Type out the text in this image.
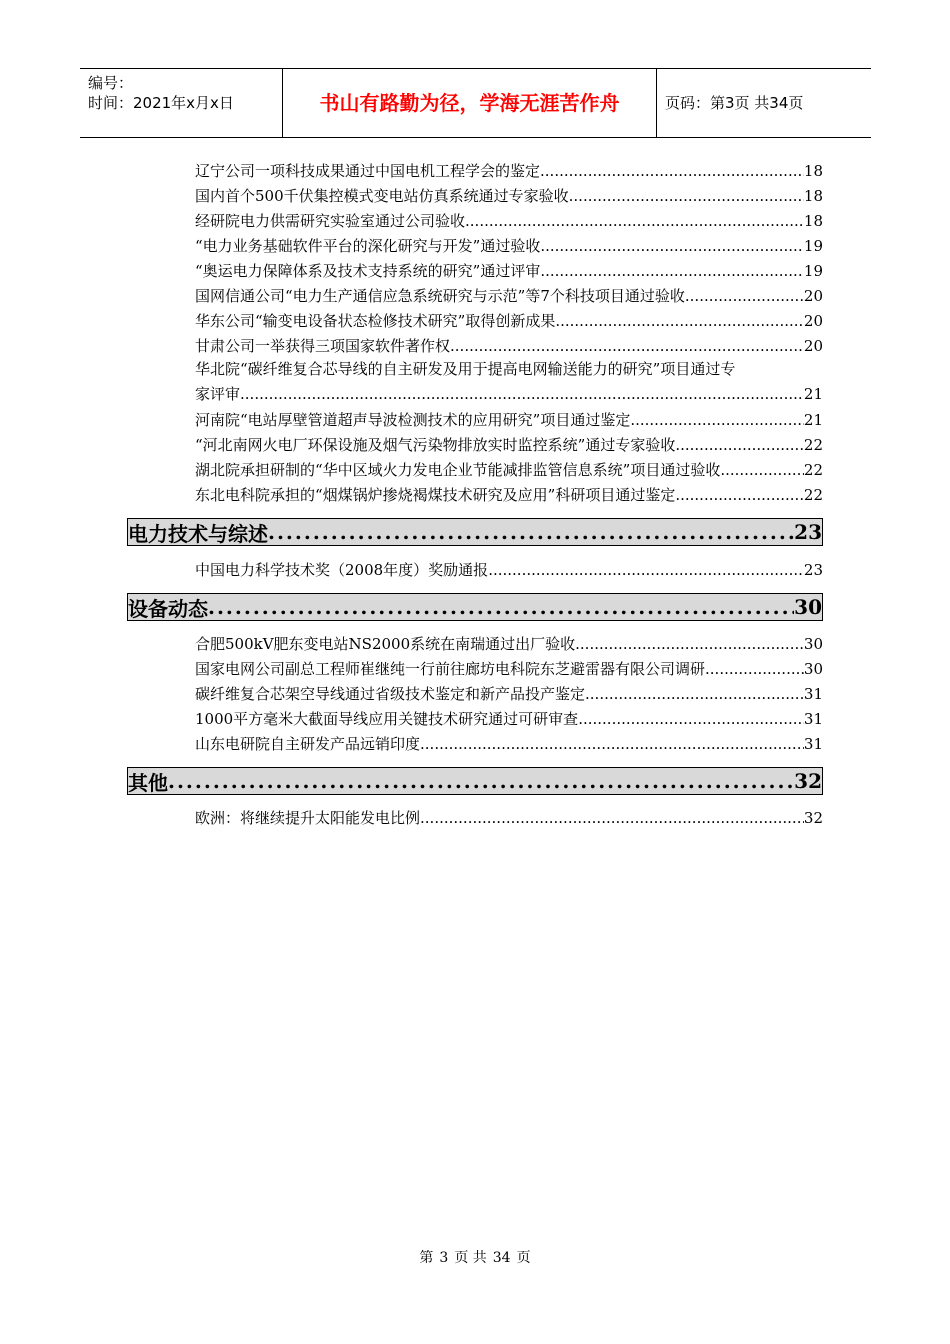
编号：
时间：2021年x月x日	书山有路勤为径，学海无涯苦作舟	页码：第3页 共34页
辽宁公司一项科技成果通过中国电机工程学会的鉴定 .....	18
国内首个500千伏集控模式变电站仿真系统通过专家验收 .....	18
经研院电力供需研究实验室通过公司验收 .....	18
“电力业务基础软件平台的深化研究与开发”通过验收 .....	19
“奥运电力保障体系及技术支持系统的研究”通过评审 .....	19
国网信通公司“电力生产通信应急系统研究与示范”等7个科技项目通过验收 .....	20
华东公司“输变电设备状态检修技术研究”取得创新成果 .....	20
甘肃公司一举获得三项国家软件著作权 .....	20
华北院“碳纤维复合芯导线的自主研发及用于提高电网输送能力的研究”项目通过专
家评审 .....	21
河南院“电站厚壁管道超声导波检测技术的应用研究”项目通过鉴定 .....	21
“河北南网火电厂环保设施及烟气污染物排放实时监控系统”通过专家验收 .....	22
湖北院承担研制的“华中区域火力发电企业节能减排监管信息系统”项目通过验收 .....	22
东北电科院承担的“烟煤锅炉掺烧褐煤技术研究及应用”科研项目通过鉴定 .....	22
电力技术与综述 .....	23
中国电力科学技术奖（2008年度）奖励通报 .....	23
设备动态 .....	30
合肥500kV肥东变电站NS2000系统在南瑞通过出厂验收 .....	30
国家电网公司副总工程师崔继纯一行前往廊坊电科院东芝避雷器有限公司调研 .....	30
碳纤维复合芯架空导线通过省级技术鉴定和新产品投产鉴定 .....	31
1000平方毫米大截面导线应用关键技术研究通过可研审查 .....	31
山东电研院自主研发产品远销印度 .....	31
其他 .....	32
欧洲：将继续提升太阳能发电比例 .....	32
第 3 页 共 34 页
